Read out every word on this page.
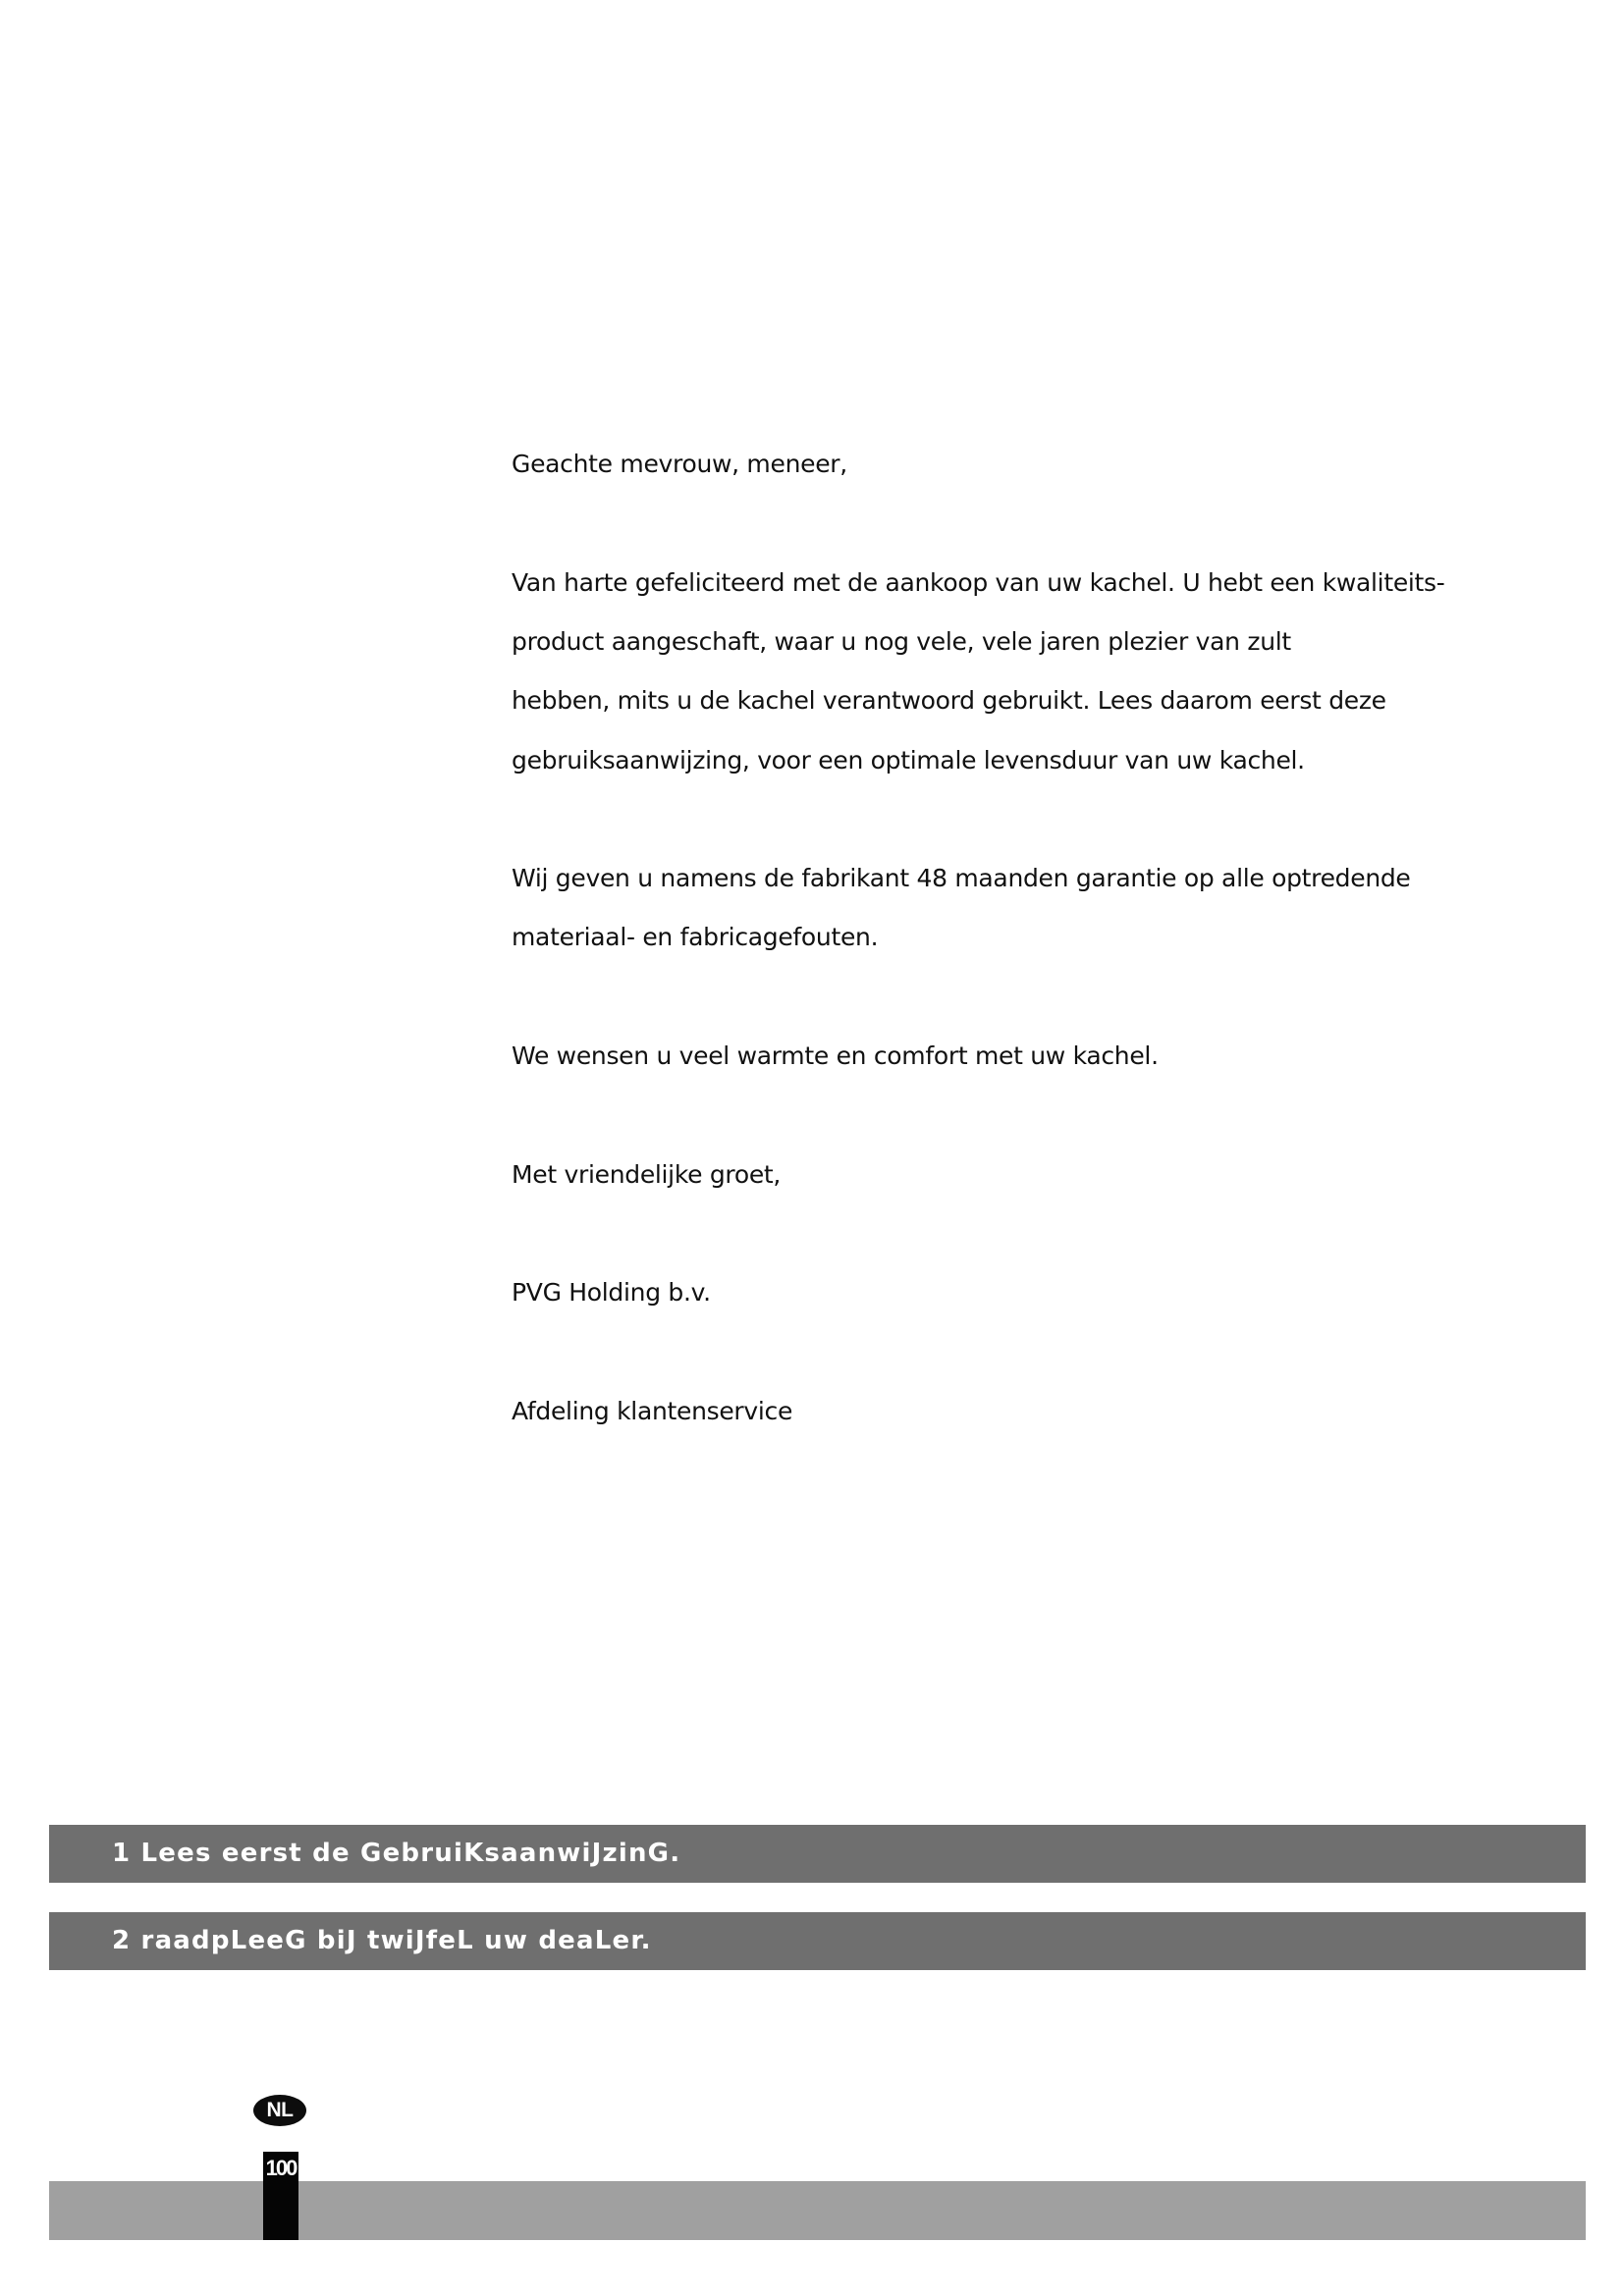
Geachte mevrouw, meneer,
Van harte gefeliciteerd met de aankoop van uw kachel. U hebt een kwaliteits-
product aangeschaft, waar u nog vele, vele jaren plezier van zult
hebben, mits u de kachel verantwoord gebruikt. Lees daarom eerst deze
gebruiksaanwijzing, voor een optimale levensduur van uw kachel.
Wij geven u namens de fabrikant 48 maanden garantie op alle optredende
materiaal- en fabricagefouten.
We wensen u veel warmte en comfort met uw kachel.
Met vriendelijke groet,
PVG Holding b.v.
Afdeling klantenservice
1 Lees eerst de GebruiKsaanwiJzinG.
2 raadpLeeG biJ twiJfeL uw deaLer.
NL
100
